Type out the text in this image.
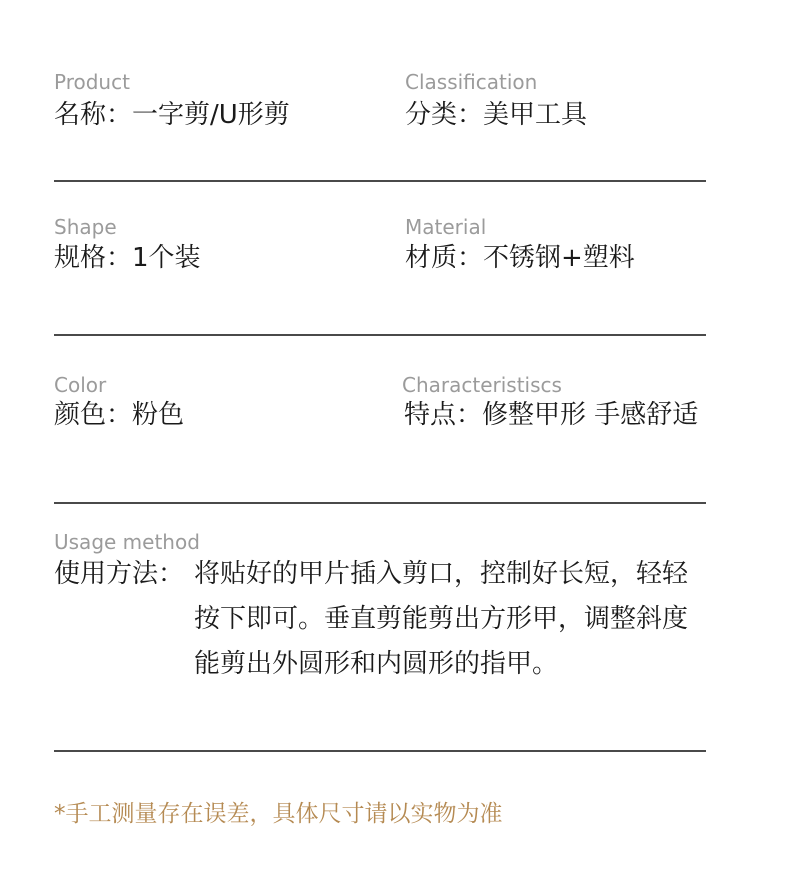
Product
名称：一字剪/U形剪
Classification
分类：美甲工具
Shape
规格：1个装
Material
材质：不锈钢+塑料
Color
颜色：粉色
Characteristiscs
特点：修整甲形 手感舒适
Usage method
使用方法： 将贴好的甲片插入剪口，控制好长短，轻轻
按下即可。垂直剪能剪出方形甲，调整斜度
能剪出外圆形和内圆形的指甲。
*手工测量存在误差，具体尺寸请以实物为准
